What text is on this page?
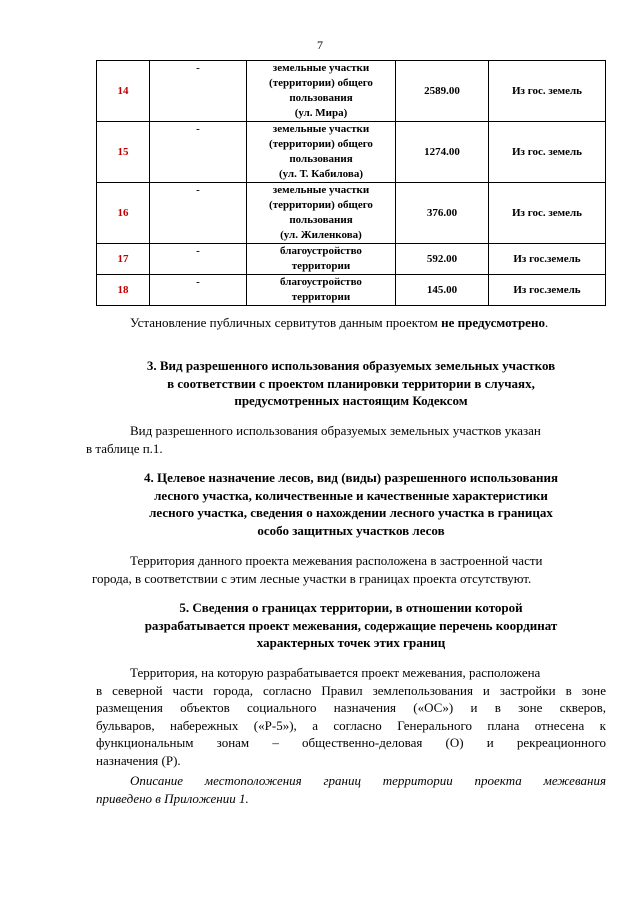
7
14	-	земельные участки
(территории) общего
пользования
(ул. Мира)	2589.00	Из гос. земель
15	-	земельные участки
(территории) общего
пользования
(ул. Т. Кабилова)	1274.00	Из гос. земель
16	-	земельные участки
(территории) общего
пользования
(ул. Жиленкова)	376.00	Из гос. земель
17	-	благоустройство
территории	592.00	Из гос.земель
18	-	благоустройство
территории	145.00	Из гос.земель
Установление публичных сервитутов данным проектом не предусмотрено.
3. Вид разрешенного использования образуемых земельных участков
в соответствии с проектом планировки территории в случаях,
предусмотренных настоящим Кодексом
Вид разрешенного использования образуемых земельных участков указан
в таблице п.1.
4. Целевое назначение лесов, вид (виды) разрешенного использования
лесного участка, количественные и качественные характеристики
лесного участка, сведения о нахождении лесного участка в границах
особо защитных участков лесов
Территория данного проекта межевания расположена в застроенной части
города, в соответствии с этим лесные участки в границах проекта отсутствуют.
5. Сведения о границах территории, в отношении которой
разрабатывается проект межевания, содержащие перечень координат
характерных точек этих границ
Территория, на которую разрабатывается проект межевания, расположена
в северной части города, согласно Правил землепользования и застройки в зоне
размещения объектов социального назначения («ОС») и в зоне скверов,
бульваров, набережных («Р-5»), а согласно Генерального плана отнесена к
функциональным зонам – общественно-деловая (О) и рекреационного
назначения (Р).
Описание местоположения границ территории проекта межевания
приведено в Приложении 1.
